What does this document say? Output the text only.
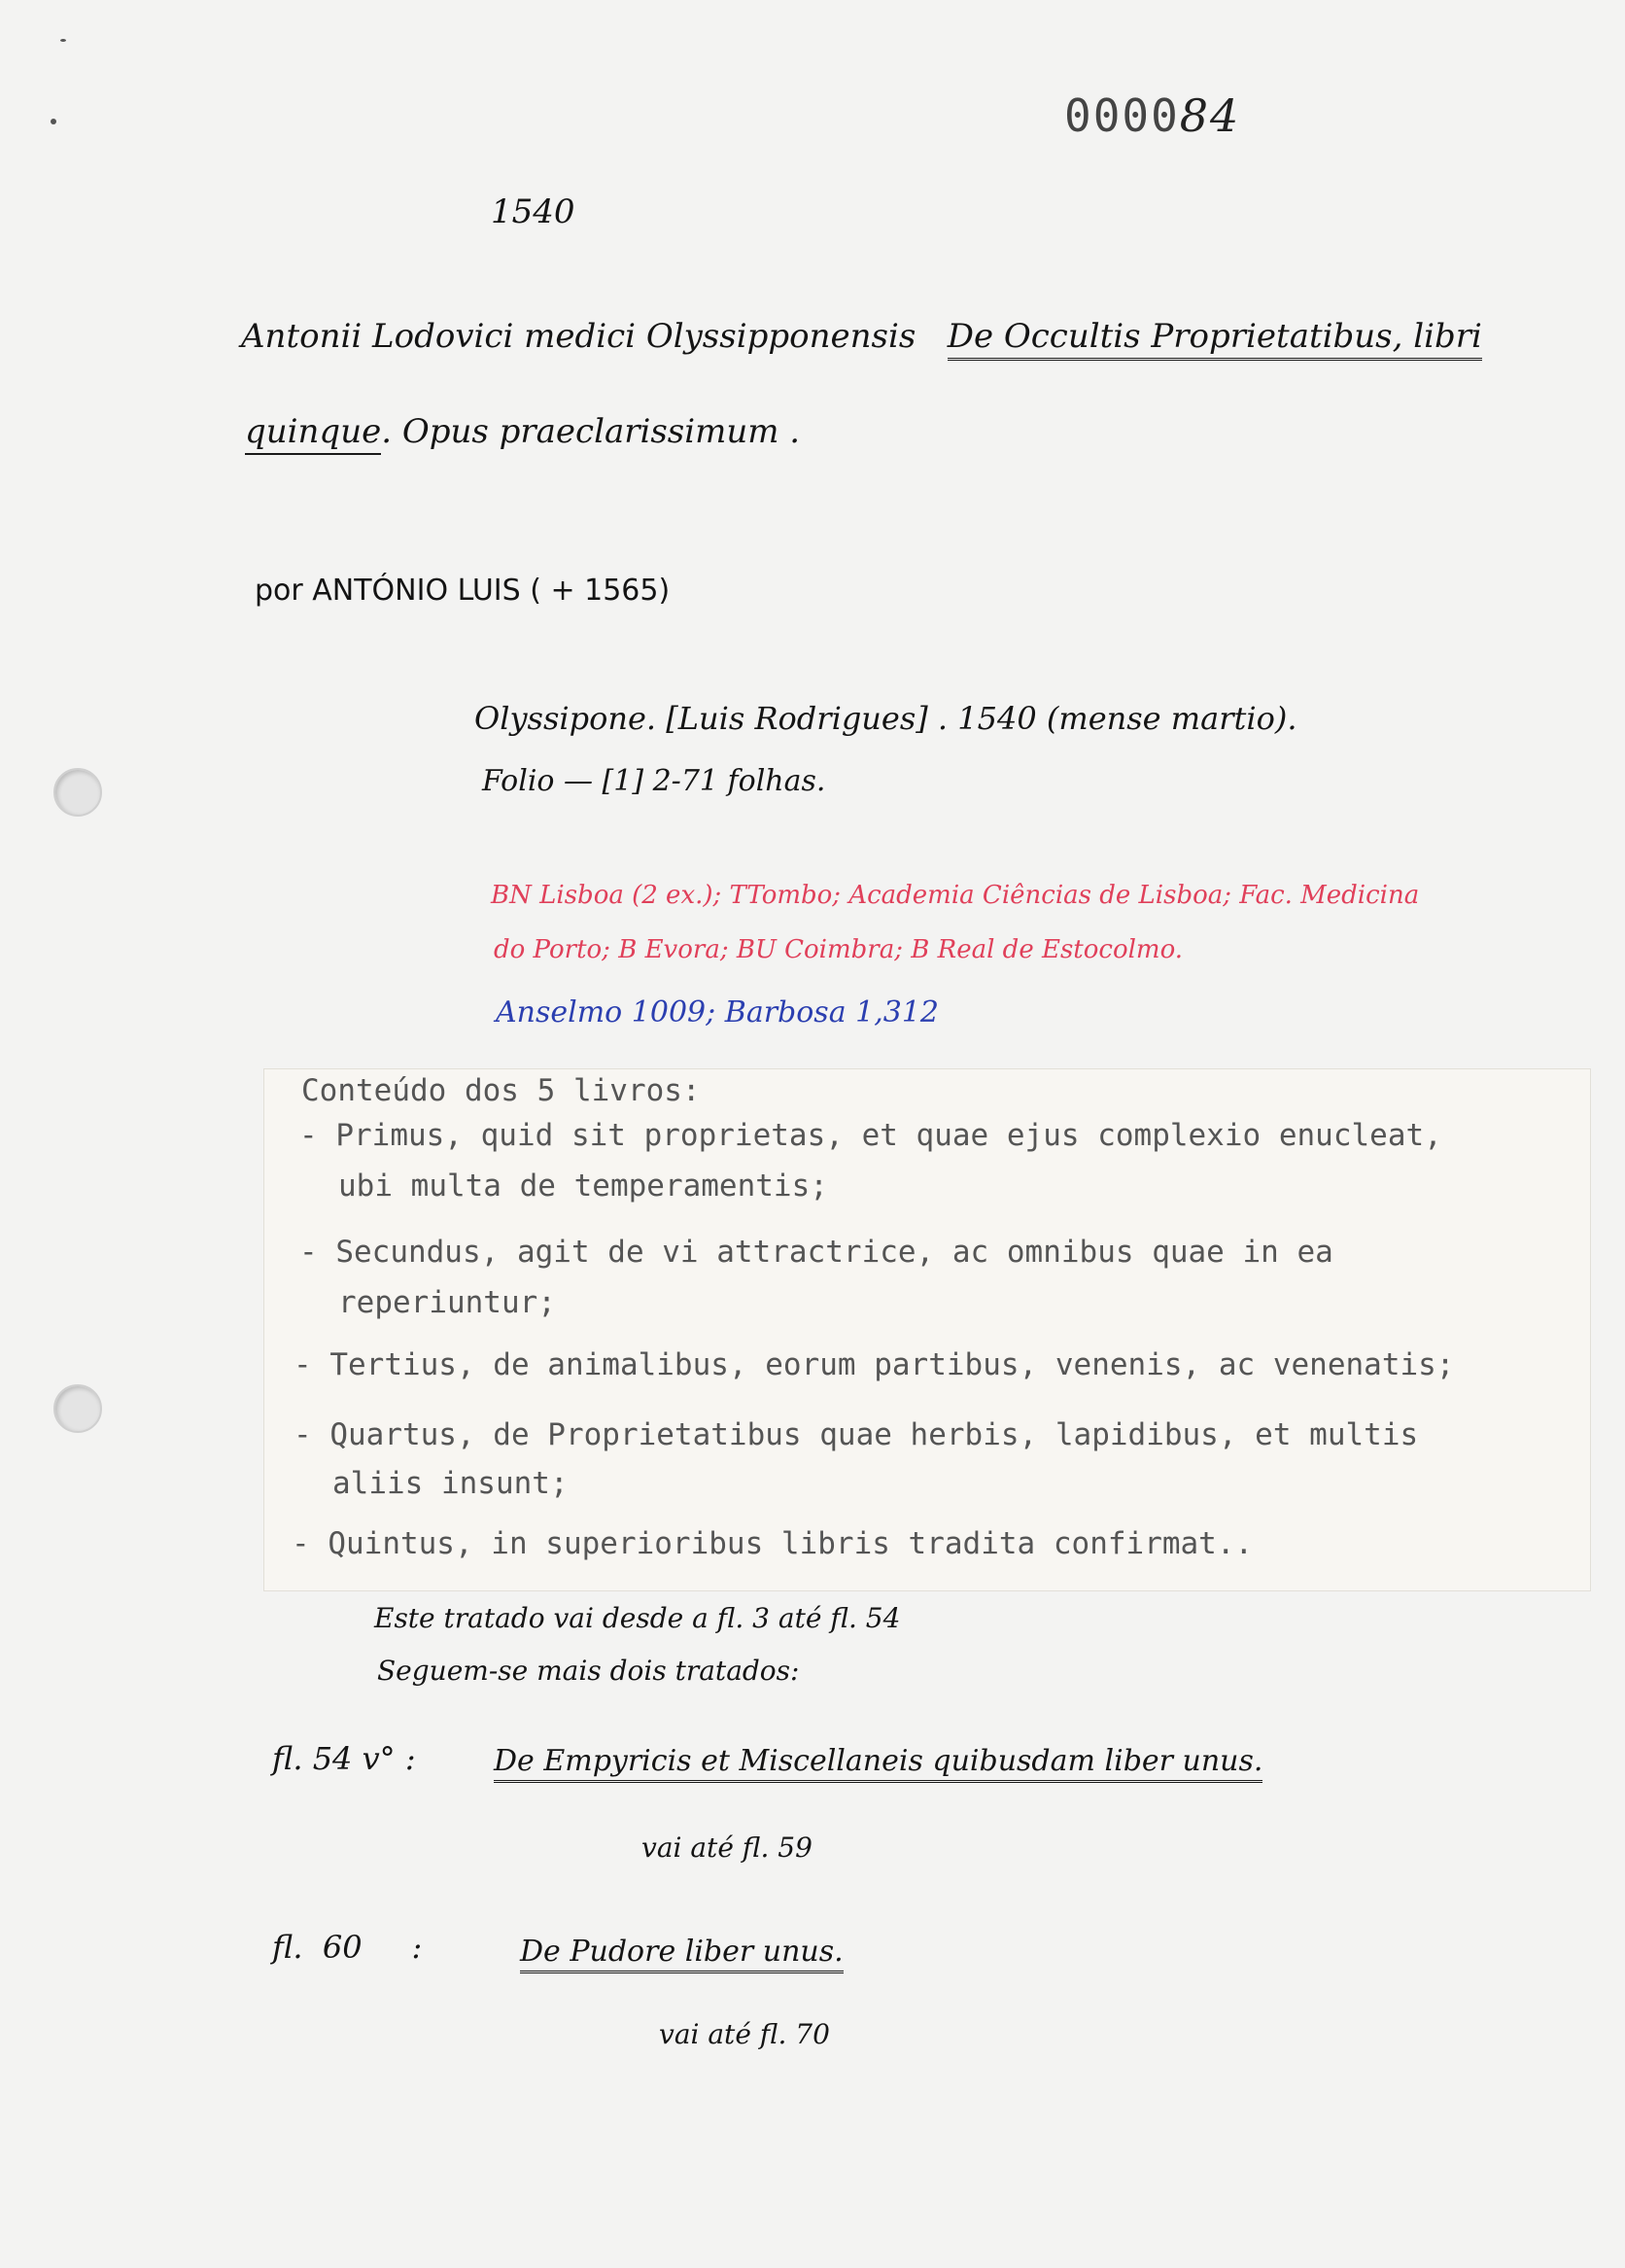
000084
1540
Antonii Lodovici medici Olyssipponensis De Occultis Proprietatibus, libri
quinque. Opus praeclarissimum .
por ANTÓNIO LUIS ( + 1565)
Olyssipone. [Luis Rodrigues] . 1540 (mense martio).
Folio — [1] 2-71 folhas.
BN Lisboa (2 ex.); TTombo; Academia Ciências de Lisboa; Fac. Medicina
do Porto; B Evora; BU Coimbra; B Real de Estocolmo.
Anselmo 1009; Barbosa 1,312
Conteúdo dos 5 livros:
- Primus, quid sit proprietas, et quae ejus complexio enucleat,
ubi multa de temperamentis;
- Secundus, agit de vi attractrice, ac omnibus quae in ea
reperiuntur;
- Tertius, de animalibus, eorum partibus, venenis, ac venenatis;
- Quartus, de Proprietatibus quae herbis, lapidibus, et multis
aliis insunt;
- Quintus, in superioribus libris tradita confirmat..
Este tratado vai desde a fl. 3 até fl. 54
Seguem-se mais dois tratados:
fl. 54 v° :	De Empyricis et Miscellaneis quibusdam liber unus.
vai até fl. 59
fl.  60     :	De Pudore liber unus.
vai até fl. 70
